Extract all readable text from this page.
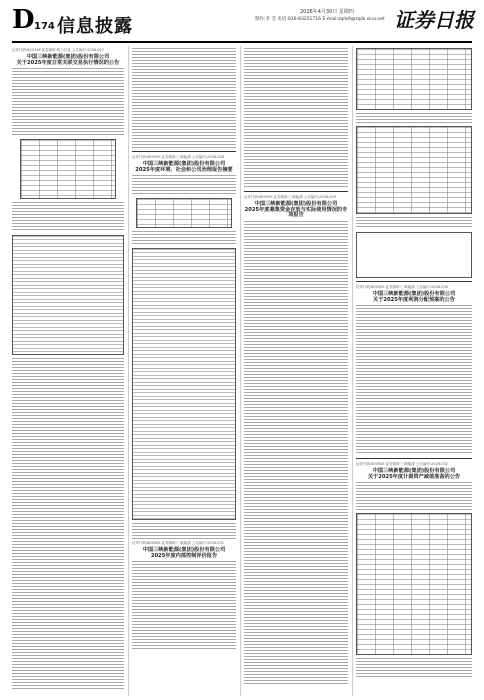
D 174 信息披露
2026年4月30日 星期四
制作:李 莹 电话:010-83251716 E-mail:zqrb9@zqrb.sina.net 证券日报
证券代码:600346 证券简称:恒力石化 公告编号:2026-027
中国三峡新能源(集团)股份有限公司
关于2025年度日常关联交易执行情况的公告
证券代码:600905 证券简称:三峡能源 公告编号:2026-028
中国三峡新能源(集团)股份有限公司
2025年度环境、社会和公司治理报告摘要
证券代码:600905 证券简称:三峡能源 公告编号:2026-031
中国三峡新能源(集团)股份有限公司
2025年度内部控制评价报告
证券代码:600905 证券简称:三峡能源 公告编号:2026-029
中国三峡新能源(集团)股份有限公司
2025年度募集资金存放与实际使用情况的专项报告
证券代码:600905 证券简称:三峡能源 公告编号:2026-030
中国三峡新能源(集团)股份有限公司
关于2025年度利润分配预案的公告
证券代码:600905 证券简称:三峡能源 公告编号:2026-032
中国三峡新能源(集团)股份有限公司
关于2025年度计提资产减值准备的公告
